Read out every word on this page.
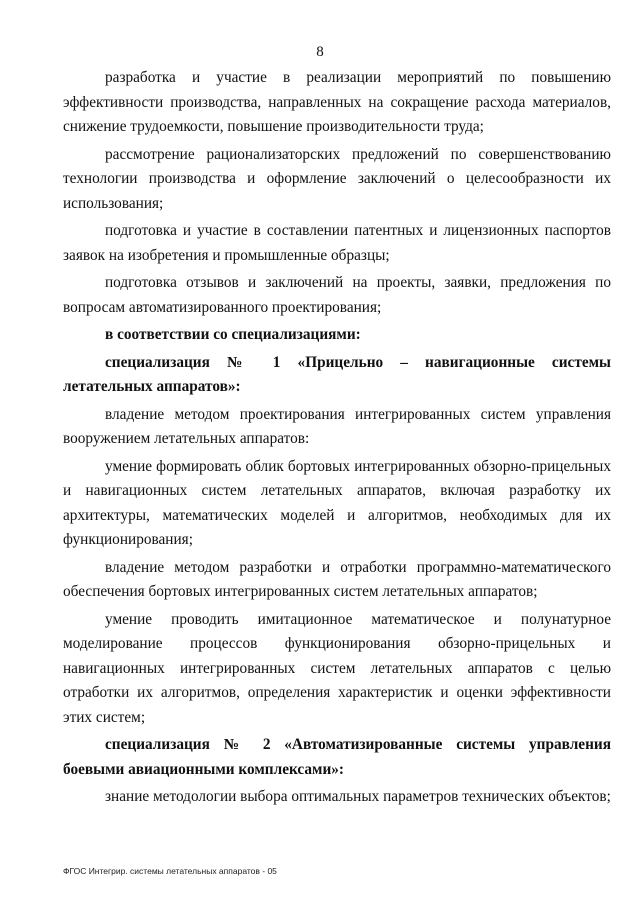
8

разработка и участие в реализации мероприятий по повышению эффективности производства, направленных на сокращение расхода материалов, снижение трудоемкости, повышение производительности труда;

рассмотрение рационализаторских предложений по совершенствованию технологии производства и оформление заключений о целесообразности их использования;

подготовка и участие в составлении патентных и лицензионных паспортов заявок на изобретения и промышленные образцы;

подготовка отзывов и заключений на проекты, заявки, предложения по вопросам автоматизированного проектирования;

в соответствии со специализациями:

специализация № 1 «Прицельно – навигационные системы летательных аппаратов»:

владение методом проектирования интегрированных систем управления вооружением летательных аппаратов:

умение формировать облик бортовых интегрированных обзорно-прицельных и навигационных систем летательных аппаратов, включая разработку их архитектуры, математических моделей и алгоритмов, необходимых для их функционирования;

владение методом разработки и отработки программно-математического обеспечения бортовых интегрированных систем летательных аппаратов;

умение проводить имитационное математическое и полунатурное моделирование процессов функционирования обзорно-прицельных и навигационных интегрированных систем летательных аппаратов с целью отработки их алгоритмов, определения характеристик и оценки эффективности этих систем;

специализация № 2 «Автоматизированные системы управления боевыми авиационными комплексами»:

знание методологии выбора оптимальных параметров технических объектов;

ФГОС Интегрир. системы летательных аппаратов - 05
